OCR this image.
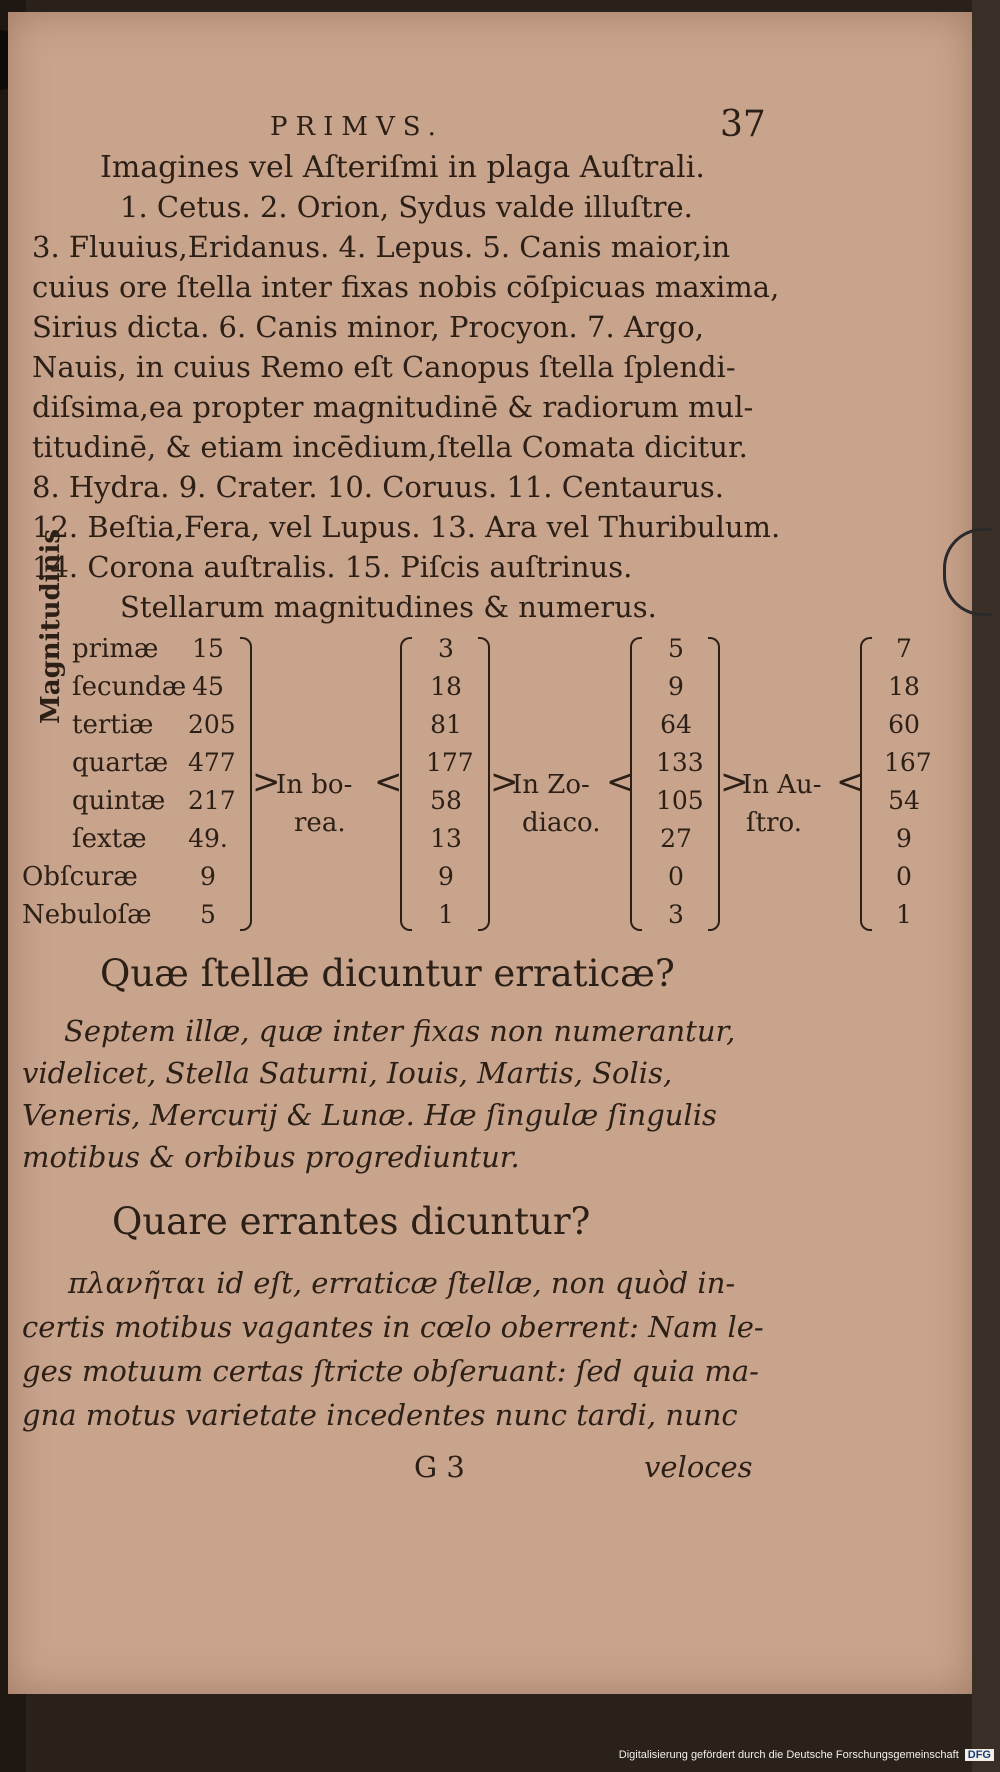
PRIMVS.	37
Imagines vel Aſteriſmi in plaga Auſtrali.
1. Cetus. 2. Orion, Sydus valde illuſtre.
3. Fluuius,Eridanus. 4. Lepus. 5. Canis maior,in
cuius ore ſtella inter fixas nobis cōſpicuas maxima,
Sirius dicta. 6. Canis minor, Procyon. 7. Argo,
Nauis, in cuius Remo eſt Canopus ſtella ſplendi-
diſsima,ea propter magnitudinē & radiorum mul-
titudinē, & etiam incēdium,ſtella Comata dicitur.
8. Hydra. 9. Crater. 10. Coruus. 11. Centaurus.
12. Beſtia,Fera, vel Lupus. 13. Ara vel Thuribulum.
14. Corona auſtralis. 15. Piſcis auſtrinus.
Stellarum magnitudines & numerus.
Magnitudinis primæ
ſecundæ
tertiæ
quartæ
quintæ
ſextæ
Obſcuræ
Nebuloſæ
15
45
205
477
217
49.
9
5
>
In bo-
rea.
<
3
18
81
177
58
13
9
1
>
In Zo-
diaco.
<
5
9
64
133
105
27
0
3
>
In Au-
ſtro.
<
7
18
60
167
54
9
0
1
Quæ ſtellæ dicuntur erraticæ?
Septem illæ, quæ inter fixas non numerantur,
videlicet, Stella Saturni, Iouis, Martis, Solis,
Veneris, Mercurij & Lunæ. Hæ ſingulæ ſingulis
motibus & orbibus progrediuntur.
Quare errantes dicuntur?
πλανῆται id eſt, erraticæ ſtellæ, non quòd in-
certis motibus vagantes in cœlo oberrent: Nam le-
ges motuum certas ſtricte obſeruant: ſed quia ma-
gna motus varietate incedentes nunc tardi, nunc
G 3	veloces
Digitalisierung gefördert durch die Deutsche Forschungsgemeinschaft DFG
